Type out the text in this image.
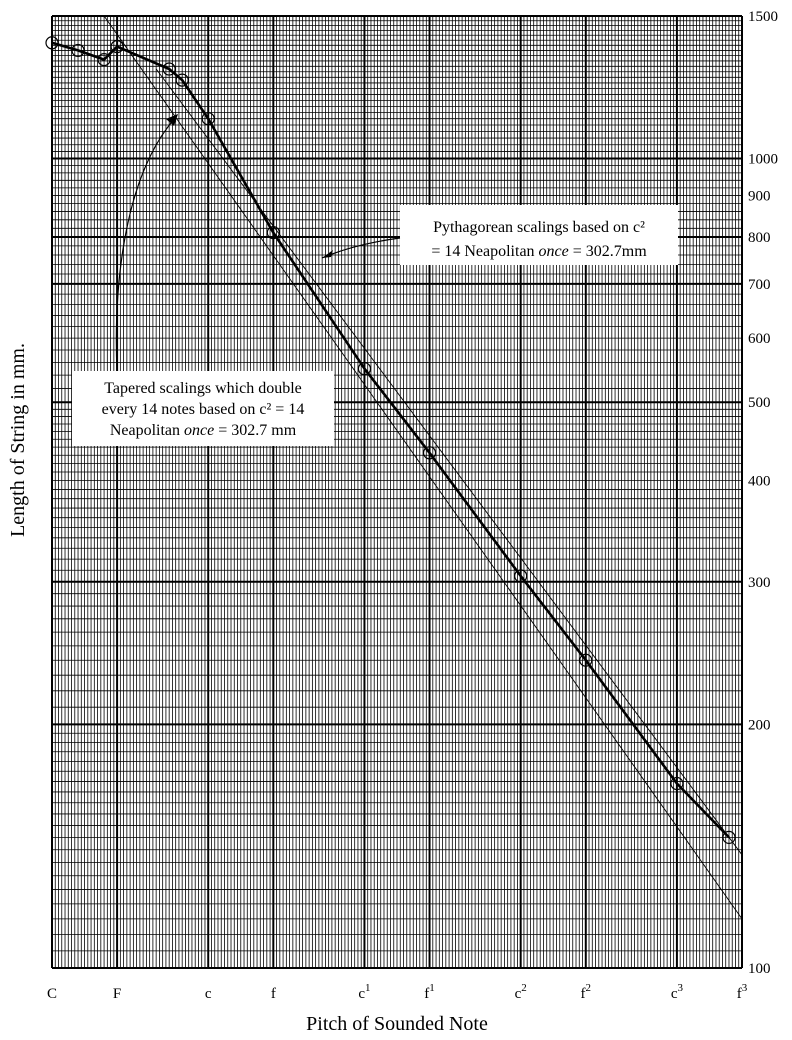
Pythagorean scalings based on c²
= 14 Neapolitan once = 302.7mm
Tapered scalings which double
every 14 notes based on c² = 14
Neapolitan once = 302.7 mm
100
200
300
400
500
600
700
800
900
1000
1500
C	F	c	f	$c^1$	$f^1$	$c^2$	$f^2$	$c^3$	$f^3$
Pitch of Sounded Note
Length of String in mm.
